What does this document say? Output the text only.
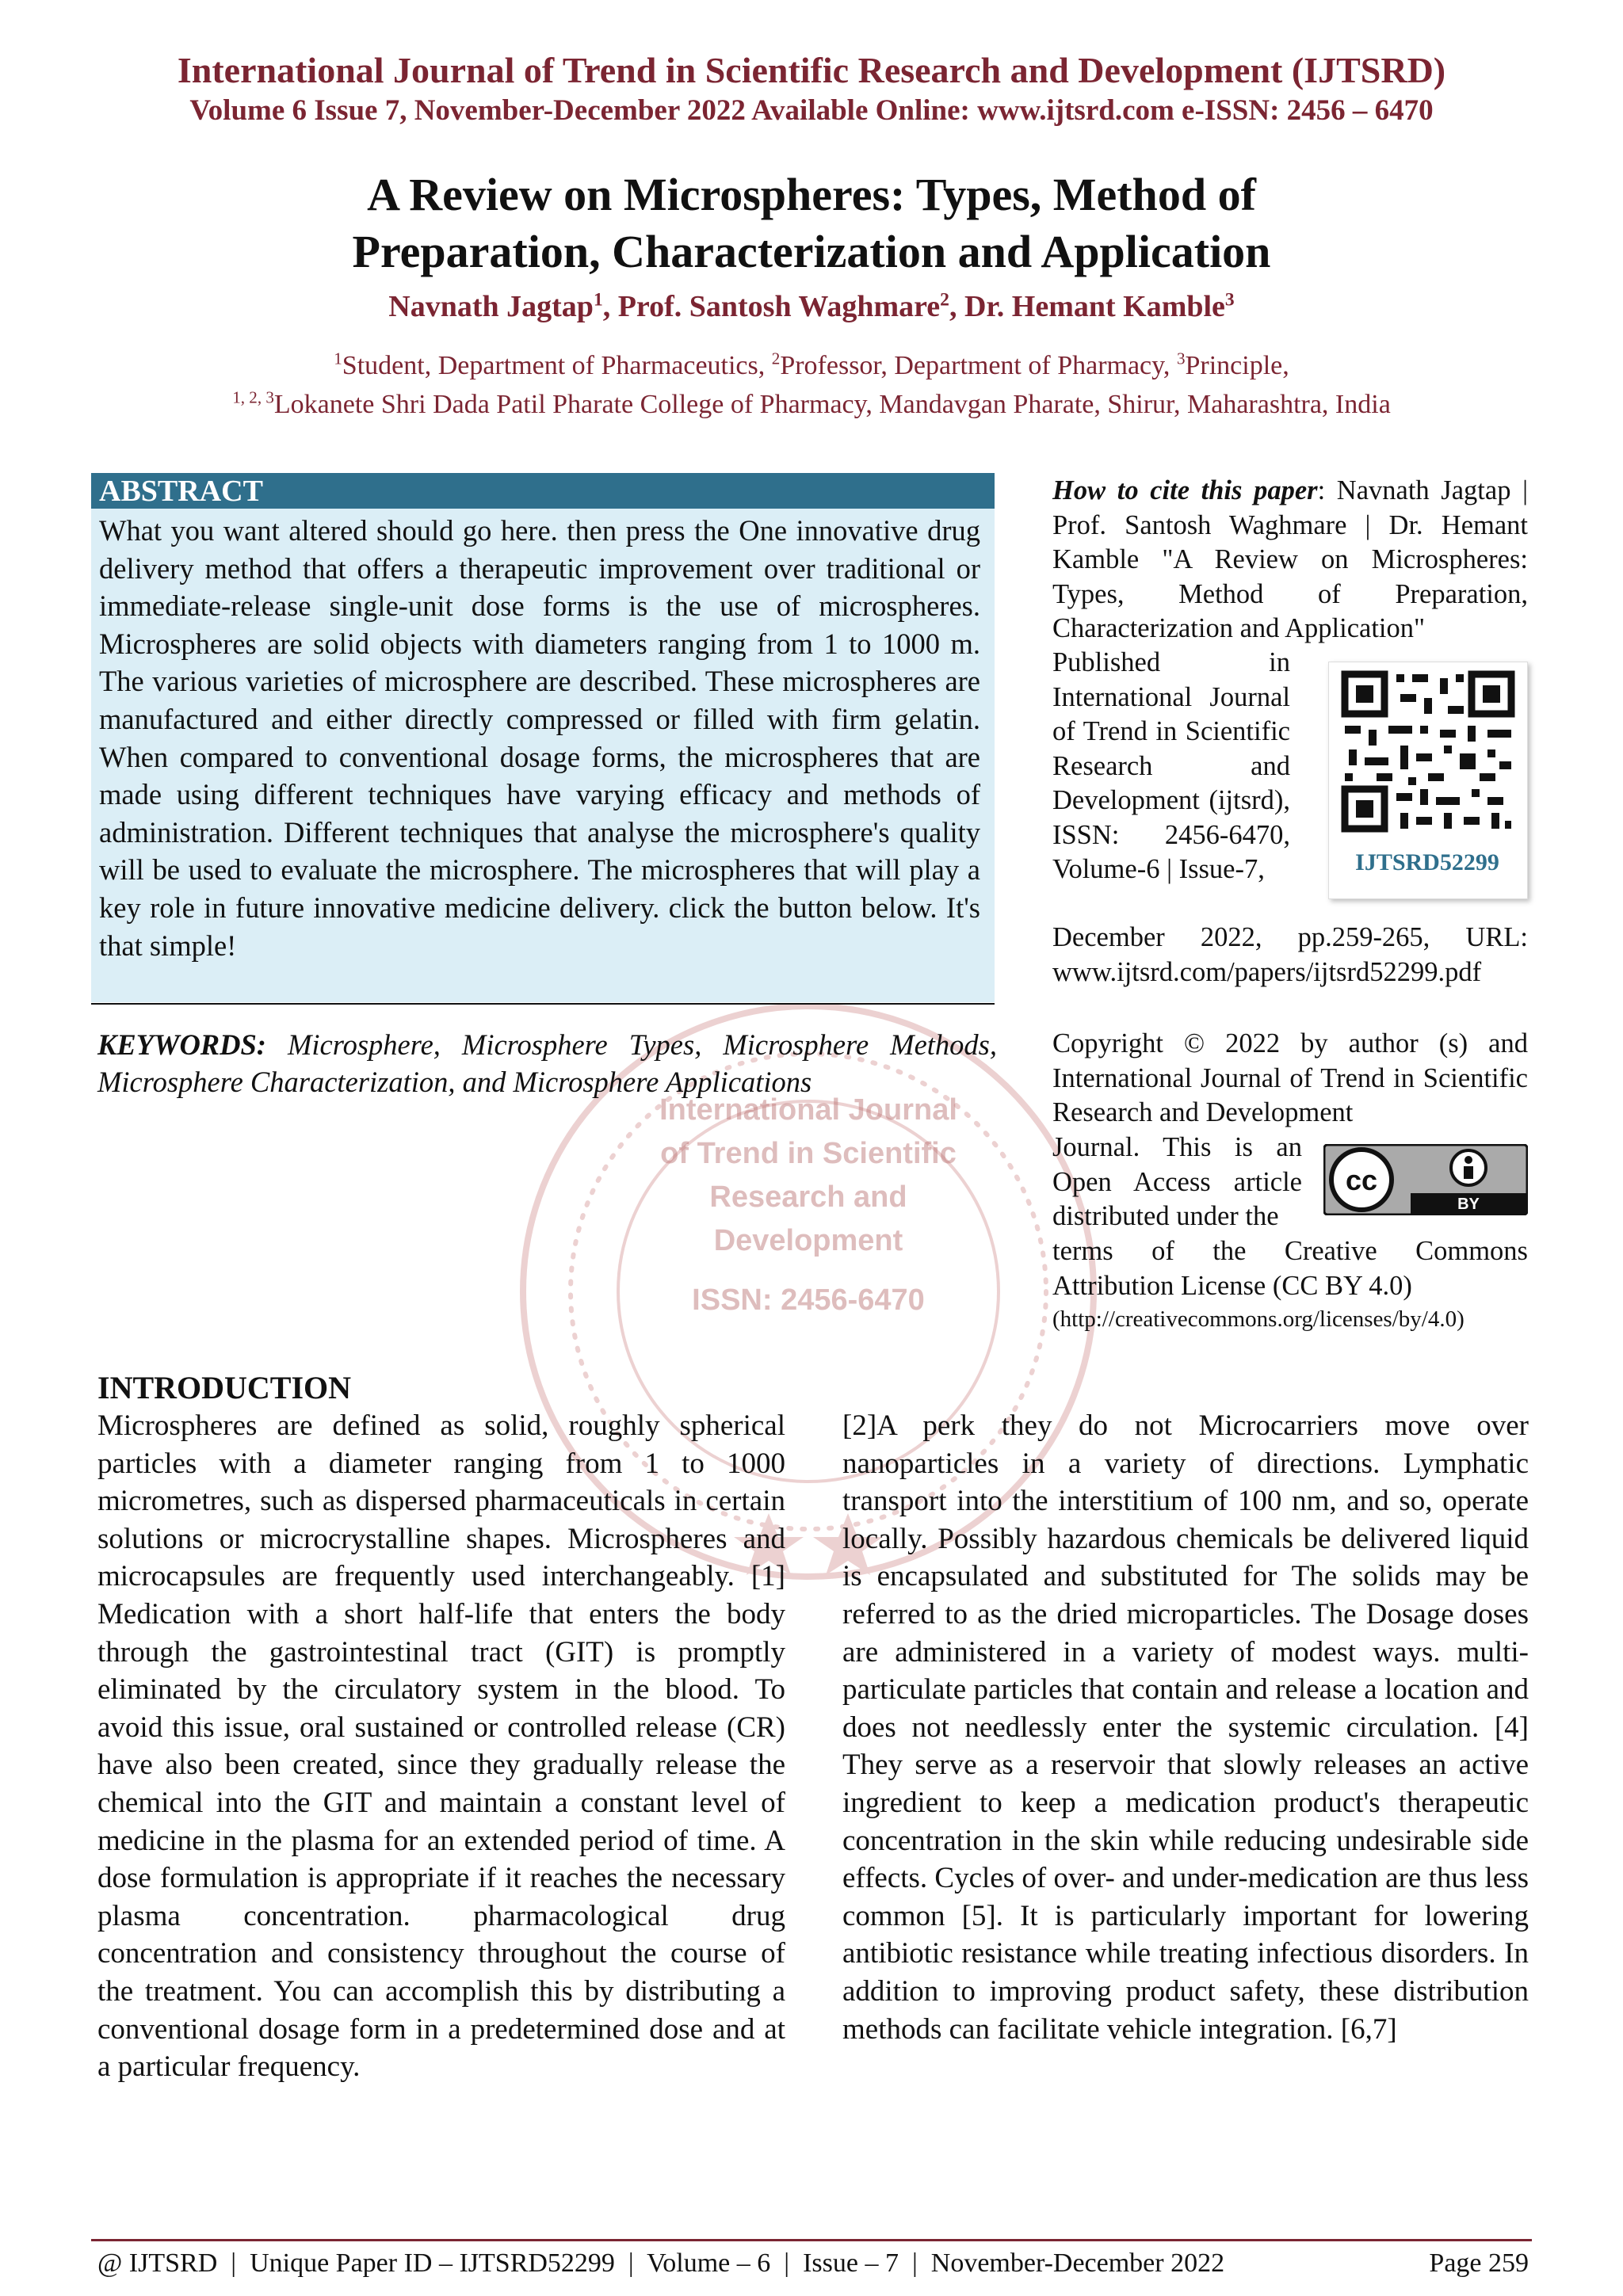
International Journal of Trend in Scientific Research and Development (IJTSRD)
Volume 6 Issue 7, November-December 2022 Available Online: www.ijtsrd.com e-ISSN: 2456 – 6470
A Review on Microspheres: Types, Method of
Preparation, Characterization and Application
Navnath Jagtap$^1$, Prof. Santosh Waghmare$^2$, Dr. Hemant Kamble$^3$
$^1$Student, Department of Pharmaceutics, $^2$Professor, Department of Pharmacy, $^3$Principle,
$^{1, 2, 3}$Lokanete Shri Dada Patil Pharate College of Pharmacy, Mandavgan Pharate, Shirur, Maharashtra, India
International Journal
of Trend in Scientific
Research and
Development
ISSN: 2456-6470
ABSTRACT
What you want altered should go here. then press the One innovative drug delivery method that offers a therapeutic improvement over traditional or immediate-release single-unit dose forms is the use of microspheres. Microspheres are solid objects with diameters ranging from 1 to 1000 m. The various varieties of microsphere are described. These microspheres are manufactured and either directly compressed or filled with firm gelatin. When compared to conventional dosage forms, the microspheres that are made using different techniques have varying efficacy and methods of administration. Different techniques that analyse the microsphere's quality will be used to evaluate the microsphere. The microspheres that will play a key role in future innovative medicine delivery. click the button below. It's that simple!
KEYWORDS: Microsphere, Microsphere Types, Microsphere Methods, Microsphere Characterization, and Microsphere Applications
How to cite this paper: Navnath Jagtap | Prof. Santosh Waghmare | Dr. Hemant Kamble "A Review on Microspheres: Types, Method of Preparation, Characterization and Application"
Published in International Journal of Trend in Scientific Research and Development (ijtsrd), ISSN: 2456-6470, Volume-6 | Issue-7,
December 2022, pp.259-265, URL: www.ijtsrd.com/papers/ijtsrd52299.pdf
IJTSRD52299
Copyright © 2022 by author (s) and International Journal of Trend in Scientific Research and Development
Journal. This is an Open Access article distributed under the
terms of the Creative Commons Attribution License (CC BY 4.0)
(http://creativecommons.org/licenses/by/4.0)
cc
BY
INTRODUCTION
Microspheres are defined as solid, roughly spherical particles with a diameter ranging from 1 to 1000 micrometres, such as dispersed pharmaceuticals in certain solutions or microcrystalline shapes. Microspheres and microcapsules are frequently used interchangeably. [1] Medication with a short half-life that enters the body through the gastrointestinal tract (GIT) is promptly eliminated by the circulatory system in the blood. To avoid this issue, oral sustained or controlled release (CR) have also been created, since they gradually release the chemical into the GIT and maintain a constant level of medicine in the plasma for an extended period of time. A dose formulation is appropriate if it reaches the necessary plasma concentration. pharmacological drug concentration and consistency throughout the course of the treatment. You can accomplish this by distributing a conventional dosage form in a predetermined dose and at a particular frequency.
[2]A perk they do not Microcarriers move over nanoparticles in a variety of directions. Lymphatic transport into the interstitium of 100 nm, and so, operate locally. Possibly hazardous chemicals be delivered liquid is encapsulated and substituted for The solids may be referred to as the dried microparticles. The Dosage doses are administered in a variety of modest ways. multi-particulate particles that contain and release a location and does not needlessly enter the systemic circulation. [4] They serve as a reservoir that slowly releases an active ingredient to keep a medication product's therapeutic concentration in the skin while reducing undesirable side effects. Cycles of over- and under-medication are thus less common [5]. It is particularly important for lowering antibiotic resistance while treating infectious disorders. In addition to improving product safety, these distribution methods can facilitate vehicle integration. [6,7]
@ IJTSRD  |  Unique Paper ID – IJTSRD52299  |  Volume – 6  |  Issue – 7  |  November-December 2022	Page 259
